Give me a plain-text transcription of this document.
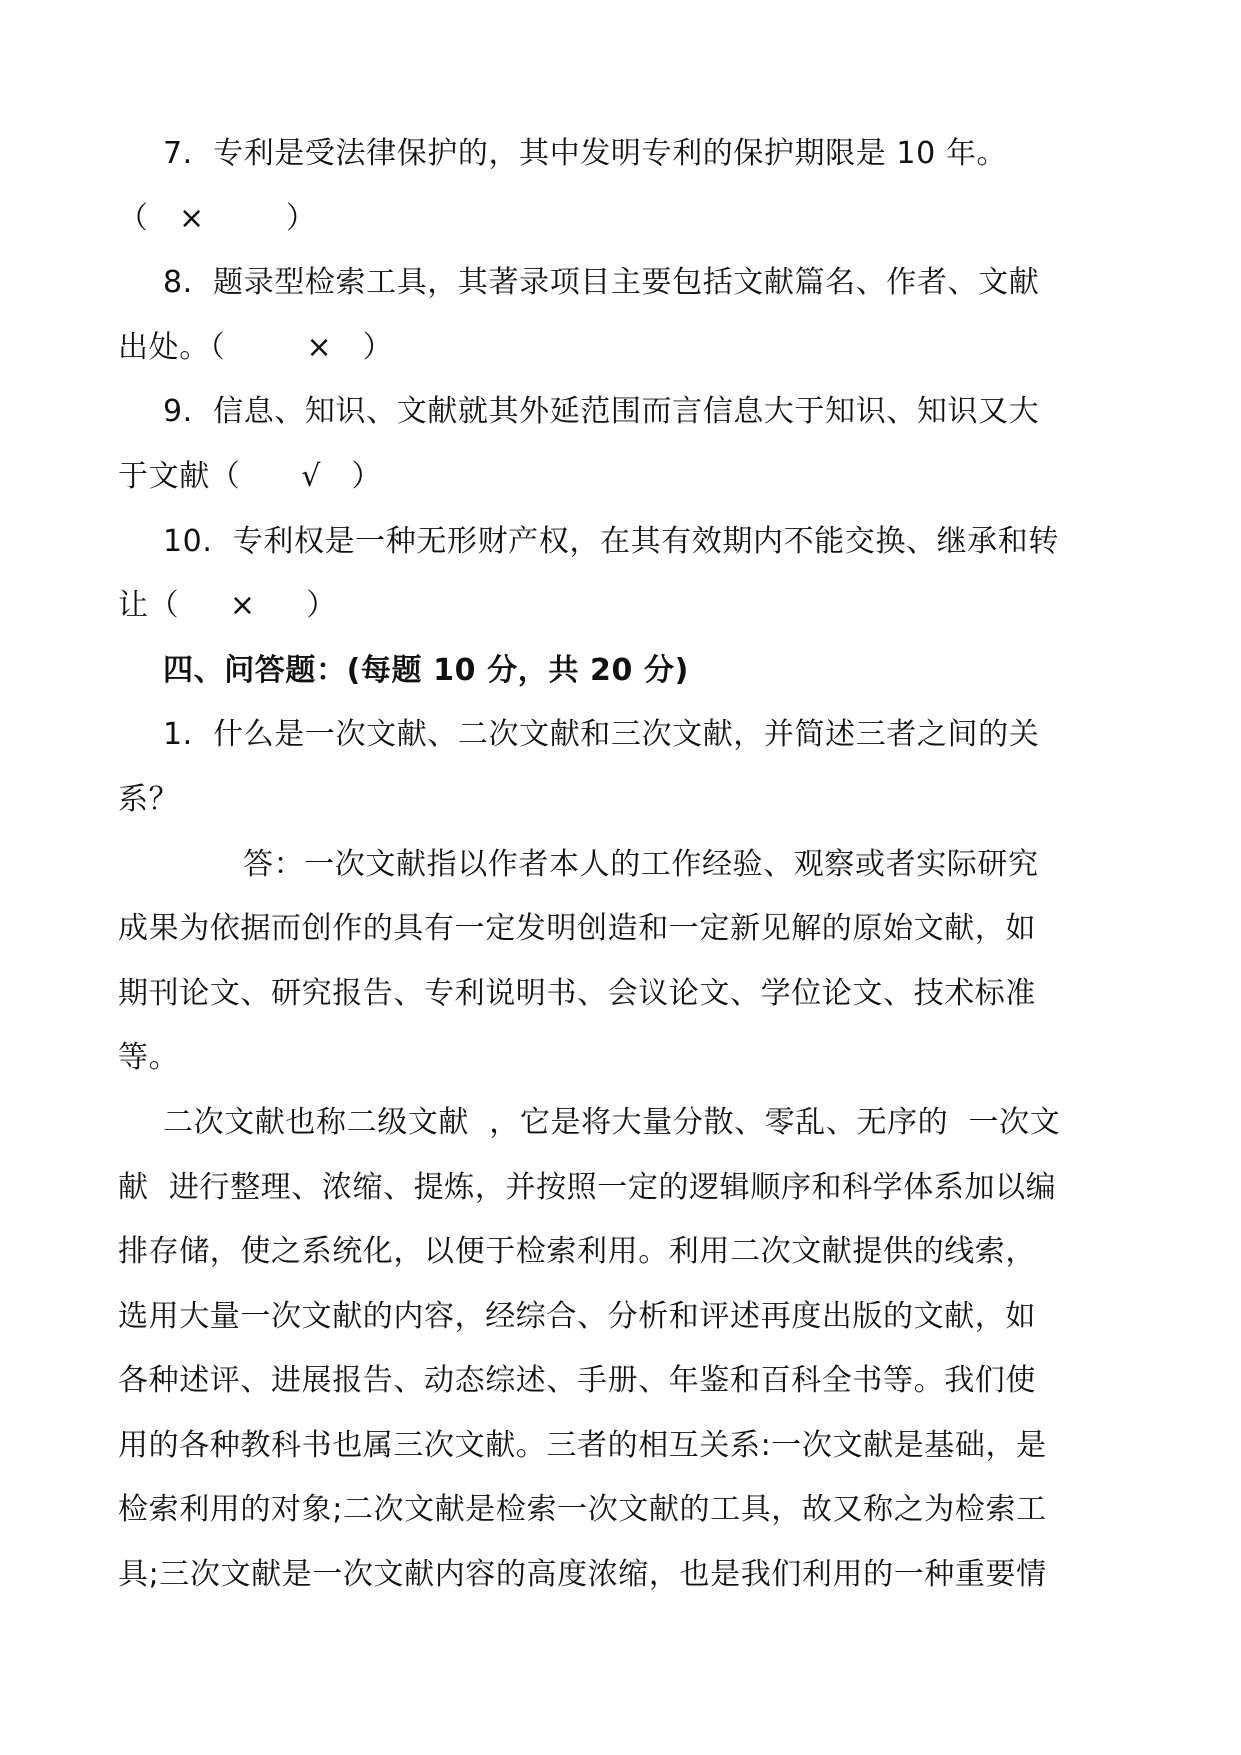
7.  专利是受法律保护的，其中发明专利的保护期限是 10 年。
（   ×        ）
8.  题录型检索工具，其著录项目主要包括文献篇名、作者、文献
出处。（        ×   ）
9.  信息、知识、文献就其外延范围而言信息大于知识、知识又大
于文献（      √   ）
10.  专利权是一种无形财产权，在其有效期内不能交换、继承和转
让（     ×     ）
四、问答题：(每题 10 分，共 20 分)
1.  什么是一次文献、二次文献和三次文献，并简述三者之间的关
系？
答：一次文献指以作者本人的工作经验、观察或者实际研究
成果为依据而创作的具有一定发明创造和一定新见解的原始文献，如
期刊论文、研究报告、专利说明书、会议论文、学位论文、技术标准
等。
二次文献也称二级文献  ，它是将大量分散、零乱、无序的  一次文
献  进行整理、浓缩、提炼，并按照一定的逻辑顺序和科学体系加以编
排存储，使之系统化，以便于检索利用。利用二次文献提供的线索，
选用大量一次文献的内容，经综合、分析和评述再度出版的文献，如
各种述评、进展报告、动态综述、手册、年鉴和百科全书等。我们使
用的各种教科书也属三次文献。三者的相互关系:一次文献是基础，是
检索利用的对象;二次文献是检索一次文献的工具，故又称之为检索工
具;三次文献是一次文献内容的高度浓缩，也是我们利用的一种重要情
